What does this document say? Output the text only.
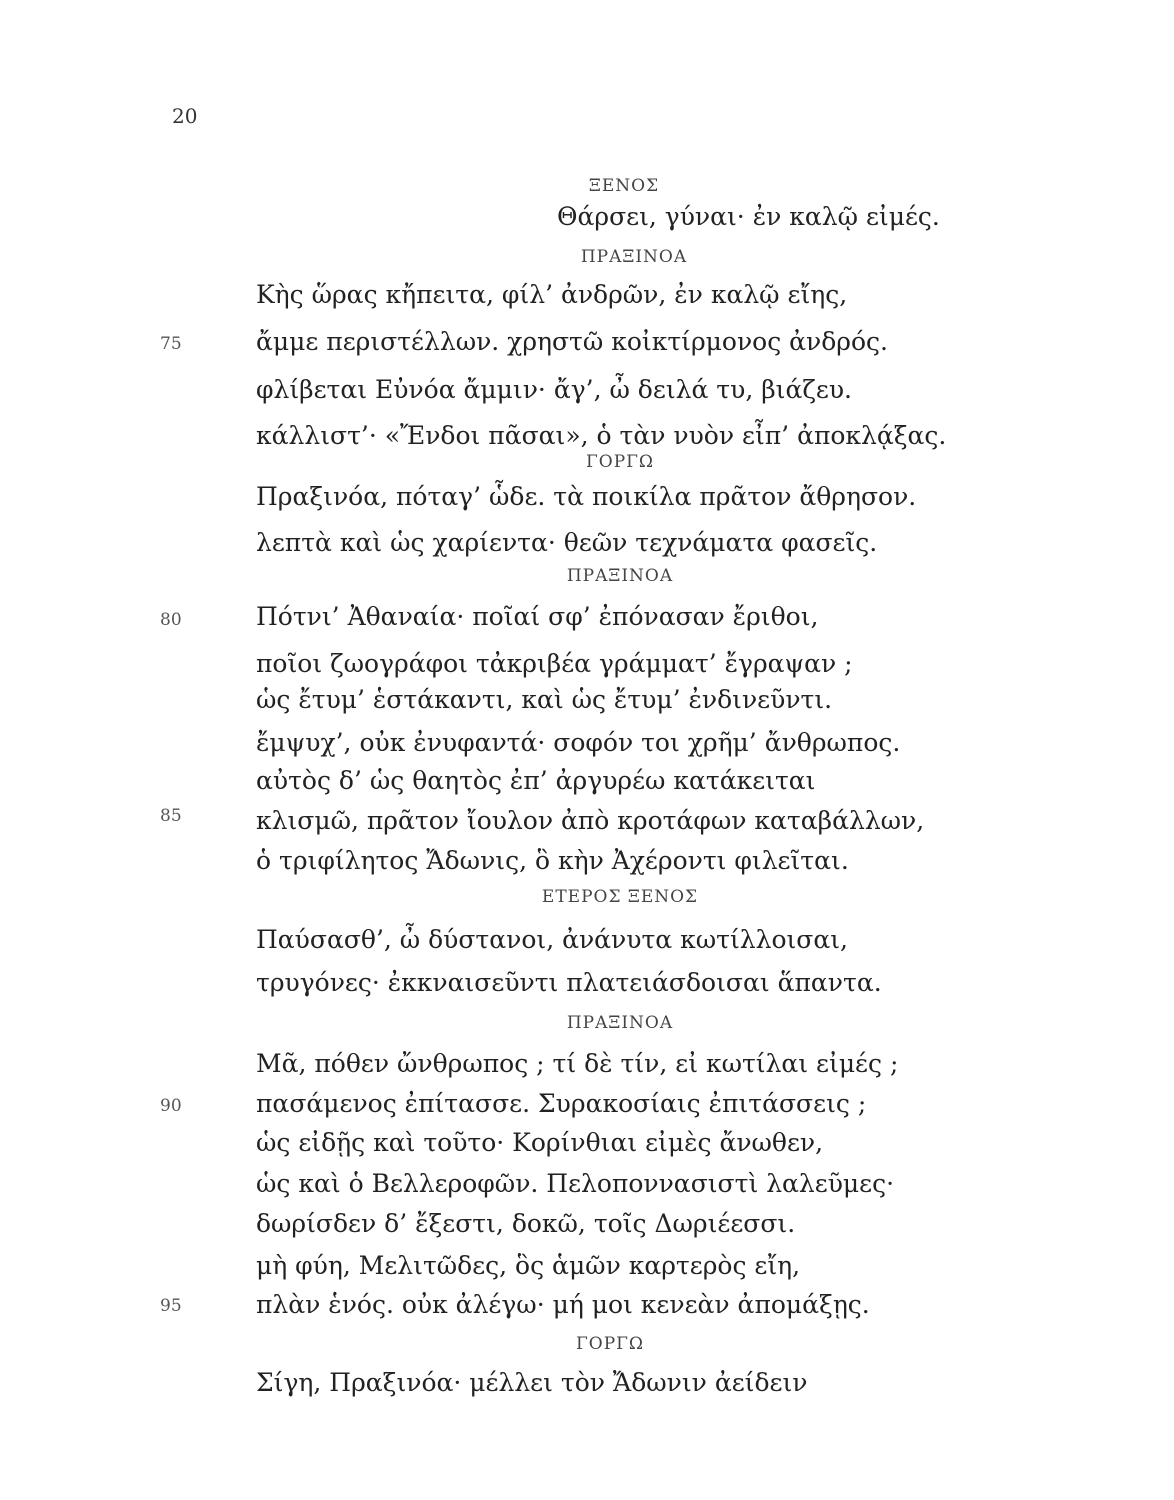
20
ΞΕΝΟΣ
Θάρσει, γύναι· ἐν καλῷ εἰμές.
ΠΡΑΞΙΝΟΑ
Κὴς ὥρας κἤπειτα, φίλ’ ἀνδρῶν, ἐν καλῷ εἴης,
75	ἄμμε περιστέλλων. χρηστῶ κοἰκτίρμονος ἀνδρός.
φλίβεται Εὐνόα ἄμμιν· ἄγ’, ὦ δειλά τυ, βιάζευ.
κάλλιστ’· «Ἔνδοι πᾶσαι», ὁ τὰν νυὸν εἶπ’ ἀποκλᾴξας.
ΓΟΡΓΩ
Πραξινόα, πόταγ’ ὧδε. τὰ ποικίλα πρᾶτον ἄθρησον.
λεπτὰ καὶ ὡς χαρίεντα· θεῶν τεχνάματα φασεῖς.
ΠΡΑΞΙΝΟΑ
80	Πότνι’ Ἀθαναία· ποῖαί σφ’ ἐπόνασαν ἔριθοι,
ποῖοι ζωογράφοι τἀκριβέα γράμματ’ ἔγραψαν ;
ὡς ἔτυμ’ ἑστάκαντι, καὶ ὡς ἔτυμ’ ἐνδινεῦντι.
ἔμψυχ’, οὐκ ἐνυφαντά· σοφόν τοι χρῆμ’ ἄνθρωπος.
αὐτὸς δ’ ὡς θαητὸς ἐπ’ ἀργυρέω κατάκειται
85	κλισμῶ, πρᾶτον ἴουλον ἀπὸ κροτάφων καταβάλλων,
ὁ τριφίλητος Ἄδωνις, ὃ κὴν Ἀχέροντι φιλεῖται.
ΕΤΕΡΟΣ ΞΕΝΟΣ
Παύσασθ’, ὦ δύστανοι, ἀνάνυτα κωτίλλοισαι,
τρυγόνες· ἐκκναισεῦντι πλατειάσδοισαι ἅπαντα.
ΠΡΑΞΙΝΟΑ
Μᾶ, πόθεν ὤνθρωπος ; τί δὲ τίν, εἰ κωτίλαι εἰμές ;
90	πασάμενος ἐπίτασσε. Συρακοσίαις ἐπιτάσσεις ;
ὡς εἰδῇς καὶ τοῦτο· Κορίνθιαι εἰμὲς ἄνωθεν,
ὡς καὶ ὁ Βελλεροφῶν. Πελοποννασιστὶ λαλεῦμες·
δωρίσδεν δ’ ἔξεστι, δοκῶ, τοῖς Δωριέεσσι.
μὴ φύη, Μελιτῶδες, ὃς ἁμῶν καρτερὸς εἴη,
95	πλὰν ἑνός. οὐκ ἀλέγω· μή μοι κενεὰν ἀπομάξῃς.
ΓΟΡΓΩ
Σίγη, Πραξινόα· μέλλει τὸν Ἄδωνιν ἀείδειν
